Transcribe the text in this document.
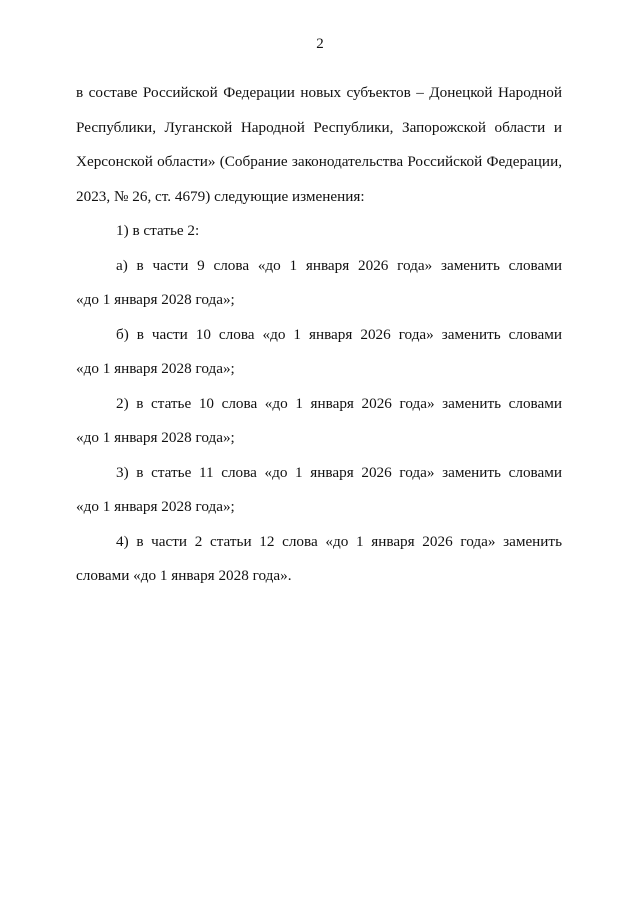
2

в составе Российской Федерации новых субъектов – Донецкой Народной
Республики, Луганской Народной Республики, Запорожской области и
Херсонской области» (Собрание законодательства Российской Федерации,
2023, № 26, ст. 4679) следующие изменения:

1) в статье 2:

а) в части 9 слова «до 1 января 2026 года» заменить словами
«до 1 января 2028 года»;

б) в части 10 слова «до 1 января 2026 года» заменить словами
«до 1 января 2028 года»;

2) в статье 10 слова «до 1 января 2026 года» заменить словами
«до 1 января 2028 года»;

3) в статье 11 слова «до 1 января 2026 года» заменить словами
«до 1 января 2028 года»;

4) в части 2 статьи 12 слова «до 1 января 2026 года» заменить
словами «до 1 января 2028 года».
